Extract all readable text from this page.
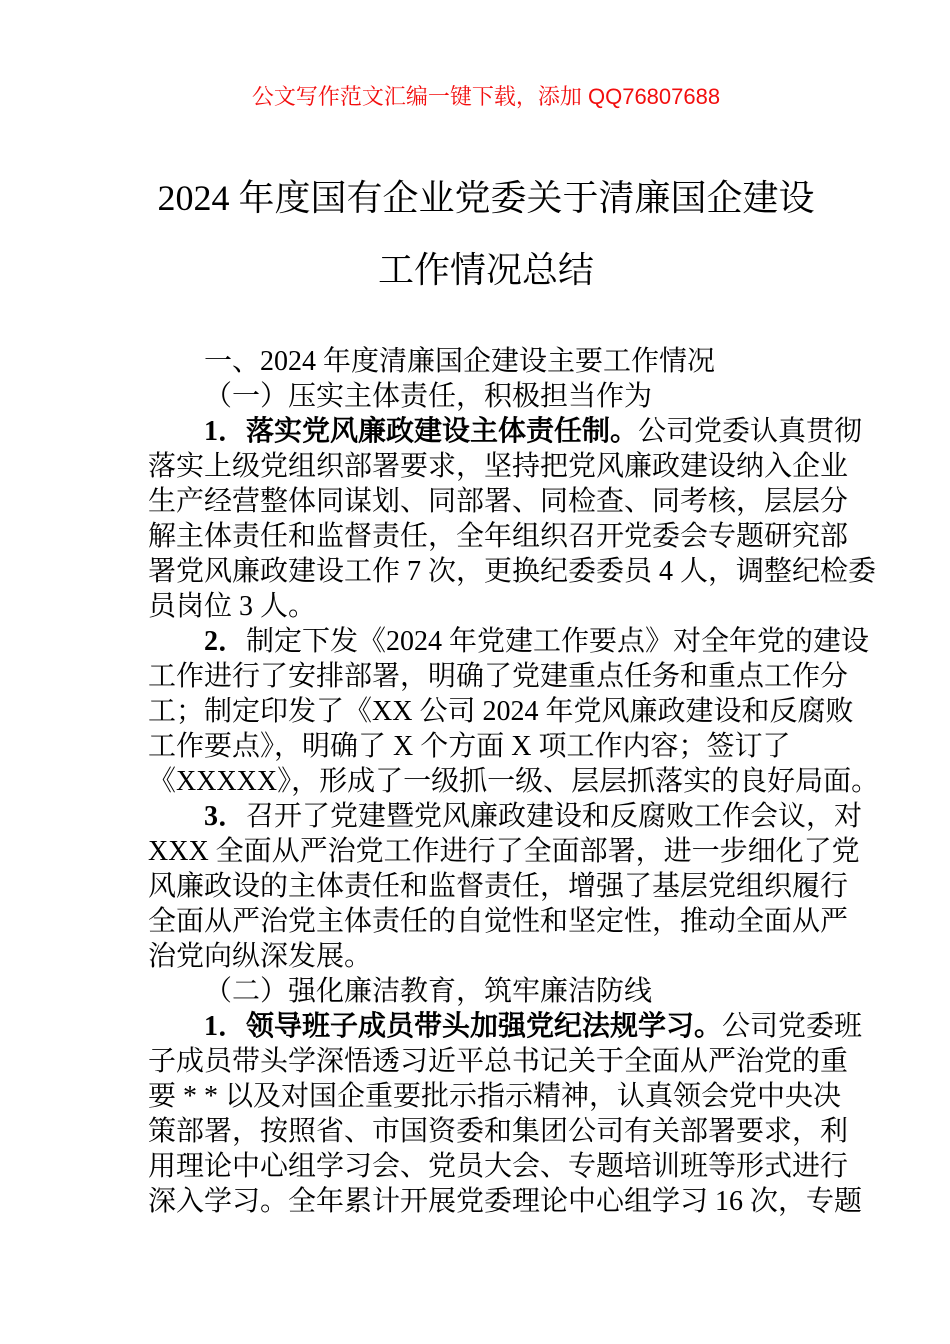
公文写作范文汇编一键下载，添加 QQ76807688
2024 年度国有企业党委关于清廉国企建设
工作情况总结
一、2024 年度清廉国企建设主要工作情况
（一）压实主体责任，积极担当作为
1．落实党风廉政建设主体责任制。公司党委认真贯彻
落实上级党组织部署要求，坚持把党风廉政建设纳入企业
生产经营整体同谋划、同部署、同检查、同考核，层层分
解主体责任和监督责任，全年组织召开党委会专题研究部
署党风廉政建设工作 7 次，更换纪委委员 4 人，调整纪检委
员岗位 3 人。
2．制定下发《2024 年党建工作要点》对全年党的建设
工作进行了安排部署，明确了党建重点任务和重点工作分
工；制定印发了《XX 公司 2024 年党风廉政建设和反腐败
工作要点》，明确了 X 个方面 X 项工作内容；签订了
《XXXXX》，形成了一级抓一级、层层抓落实的良好局面。
3．召开了党建暨党风廉政建设和反腐败工作会议，对
XXX 全面从严治党工作进行了全面部署，进一步细化了党
风廉政设的主体责任和监督责任，增强了基层党组织履行
全面从严治党主体责任的自觉性和坚定性，推动全面从严
治党向纵深发展。
（二）强化廉洁教育，筑牢廉洁防线
1．领导班子成员带头加强党纪法规学习。公司党委班
子成员带头学深悟透习近平总书记关于全面从严治党的重
要 * * 以及对国企重要批示指示精神，认真领会党中央决
策部署，按照省、市国资委和集团公司有关部署要求，利
用理论中心组学习会、党员大会、专题培训班等形式进行
深入学习。全年累计开展党委理论中心组学习 16 次，专题
